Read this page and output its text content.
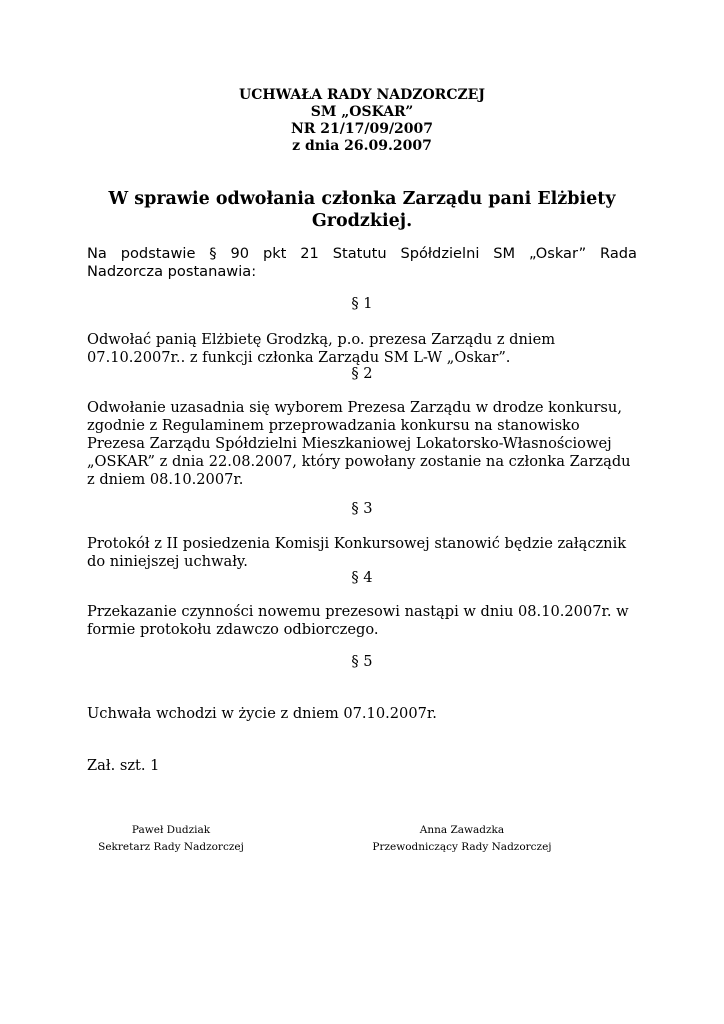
UCHWAŁA RADY NADZORCZEJ
SM „OSKAR”
NR 21/17/09/2007
z dnia 26.09.2007
W sprawie odwołania członka Zarządu pani Elżbiety
Grodzkiej.
Na podstawie § 90 pkt 21 Statutu Spółdzielni SM „Oskar” Rada
Nadzorcza postanawia:
§ 1
Odwołać panią Elżbietę Grodzką, p.o. prezesa Zarządu z dniem
07.10.2007r.. z funkcji członka Zarządu SM L-W „Oskar”.
§ 2
Odwołanie uzasadnia się wyborem Prezesa Zarządu w drodze konkursu,
zgodnie z Regulaminem przeprowadzania konkursu na stanowisko
Prezesa Zarządu Spółdzielni Mieszkaniowej Lokatorsko-Własnościowej
„OSKAR” z dnia 22.08.2007, który powołany zostanie na członka Zarządu
z dniem 08.10.2007r.
§ 3
Protokół z II posiedzenia Komisji Konkursowej stanowić będzie załącznik
do niniejszej uchwały.
§ 4
Przekazanie czynności nowemu prezesowi nastąpi w dniu 08.10.2007r. w
formie protokołu zdawczo odbiorczego.
§ 5
Uchwała wchodzi w życie z dniem 07.10.2007r.
Zał. szt. 1
Paweł Dudziak
Sekretarz Rady Nadzorczej
Anna Zawadzka
Przewodniczący Rady Nadzorczej
